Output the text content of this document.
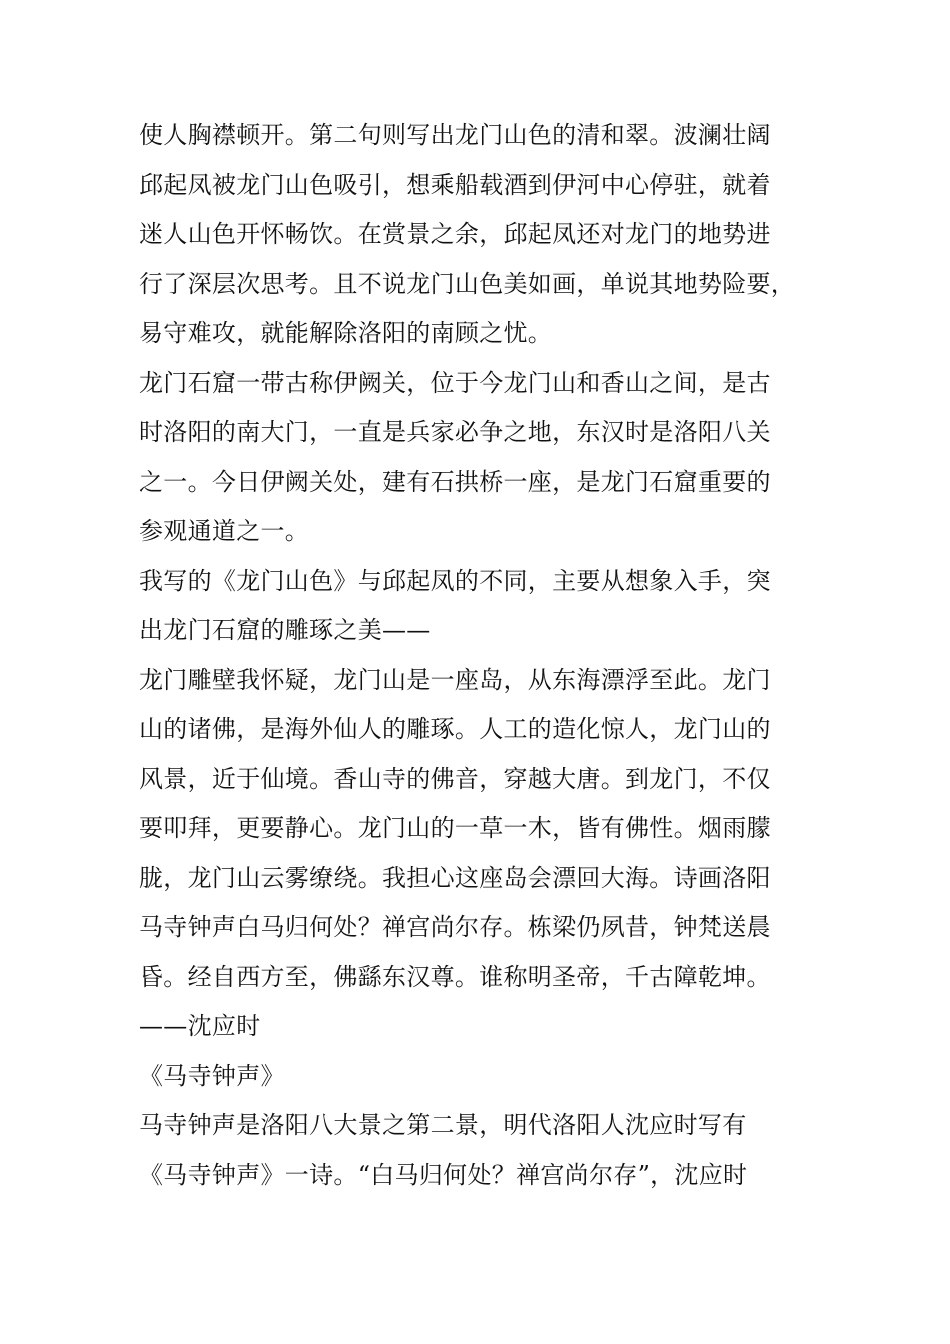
使人胸襟顿开。第二句则写出龙门山色的清和翠。波澜壮阔
邱起凤被龙门山色吸引，想乘船载酒到伊河中心停驻，就着
迷人山色开怀畅饮。在赏景之余，邱起凤还对龙门的地势进
行了深层次思考。且不说龙门山色美如画，单说其地势险要，
易守难攻，就能解除洛阳的南顾之忧。
龙门石窟一带古称伊阙关，位于今龙门山和香山之间，是古
时洛阳的南大门，一直是兵家必争之地，东汉时是洛阳八关
之一。今日伊阙关处，建有石拱桥一座，是龙门石窟重要的
参观通道之一。
我写的《龙门山色》与邱起凤的不同，主要从想象入手，突
出龙门石窟的雕琢之美——
龙门雕壁我怀疑，龙门山是一座岛，从东海漂浮至此。龙门
山的诸佛，是海外仙人的雕琢。人工的造化惊人，龙门山的
风景，近于仙境。香山寺的佛音，穿越大唐。到龙门，不仅
要叩拜，更要静心。龙门山的一草一木，皆有佛性。烟雨朦
胧，龙门山云雾缭绕。我担心这座岛会漂回大海。诗画洛阳
马寺钟声白马归何处？禅宫尚尔存。栋梁仍夙昔，钟梵送晨
昏。经自西方至，佛繇东汉尊。谁称明圣帝，千古障乾坤。
——沈应时
《马寺钟声》
马寺钟声是洛阳八大景之第二景，明代洛阳人沈应时写有
《马寺钟声》一诗。“白马归何处？禅宫尚尔存”，沈应时
